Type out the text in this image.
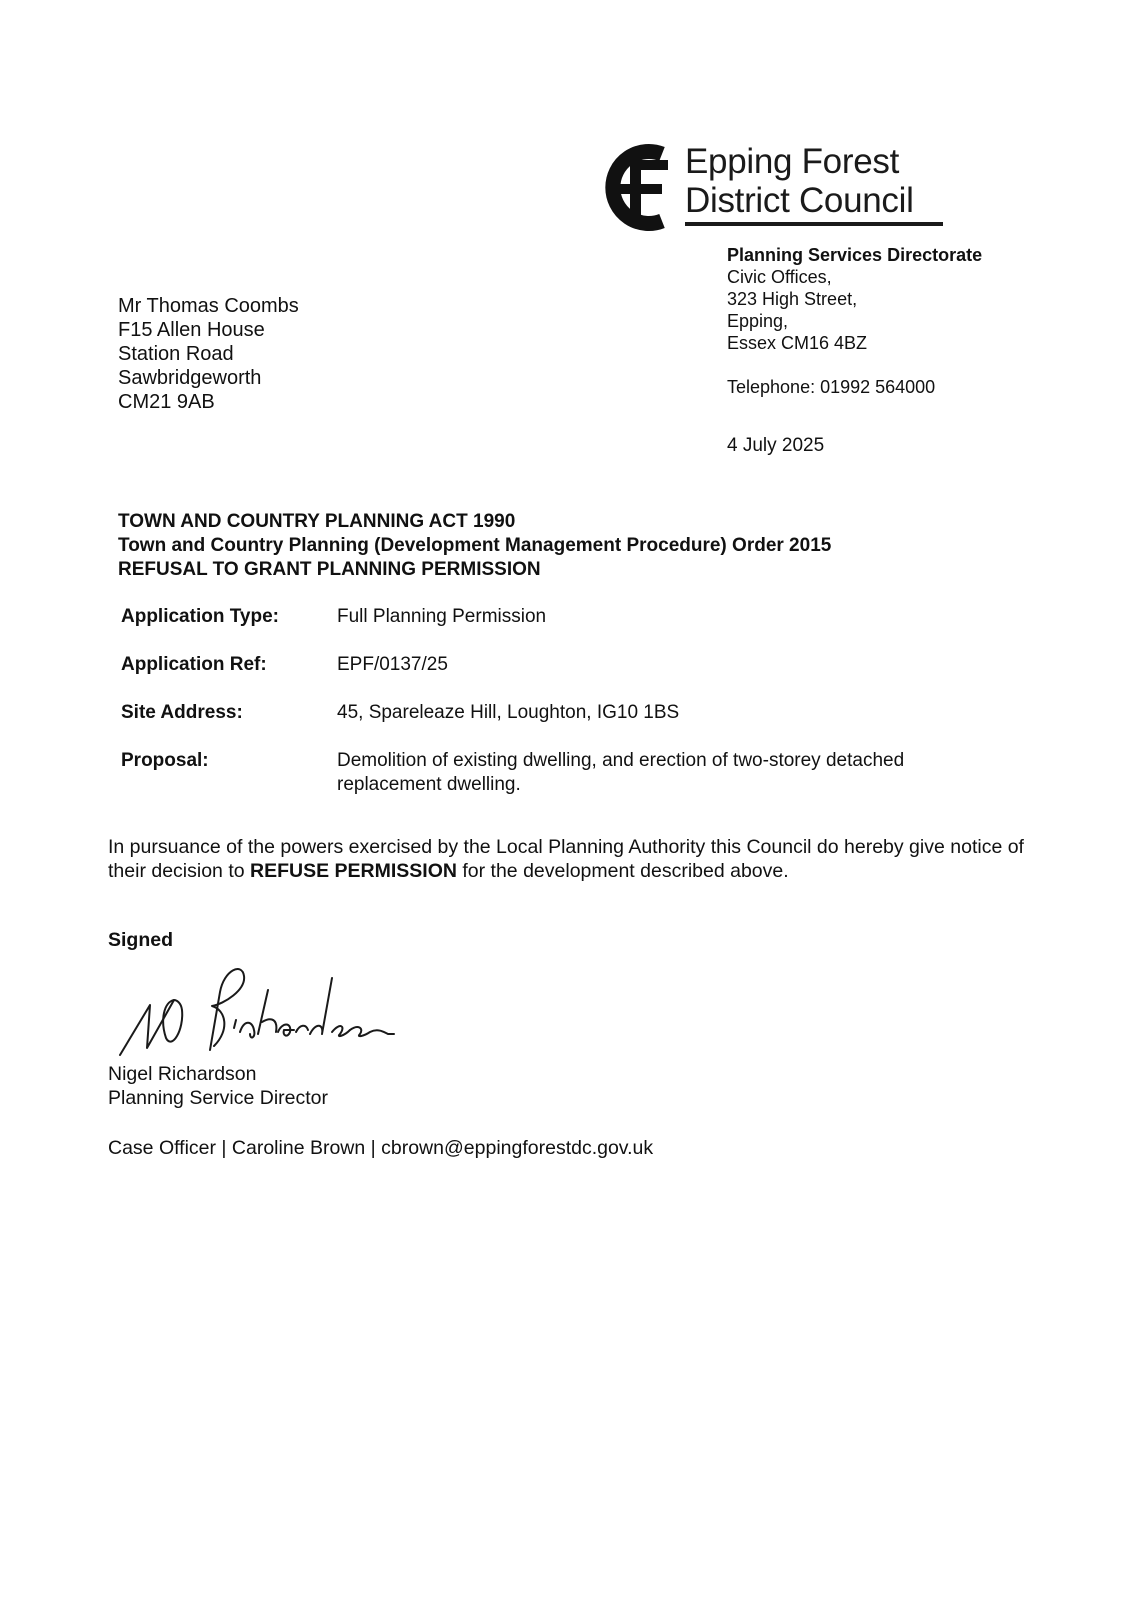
Epping Forest
District Council
Planning Services Directorate
Civic Offices,
323 High Street,
Epping,
Essex CM16 4BZ
Telephone: 01992 564000
4 July 2025
Mr Thomas Coombs
F15 Allen House
Station Road
Sawbridgeworth
CM21 9AB
TOWN AND COUNTRY PLANNING ACT 1990
Town and Country Planning (Development Management Procedure) Order 2015
REFUSAL TO GRANT PLANNING PERMISSION
Application Type:	Full Planning Permission
Application Ref:	EPF/0137/25
Site Address:	45, Spareleaze Hill, Loughton, IG10 1BS
Proposal:	Demolition of existing dwelling, and erection of two-storey detached replacement dwelling.
In pursuance of the powers exercised by the Local Planning Authority this Council do hereby give notice of their decision to REFUSE PERMISSION for the development described above.
Signed
Nigel Richardson
Planning Service Director
Case Officer | Caroline Brown | cbrown@eppingforestdc.gov.uk
